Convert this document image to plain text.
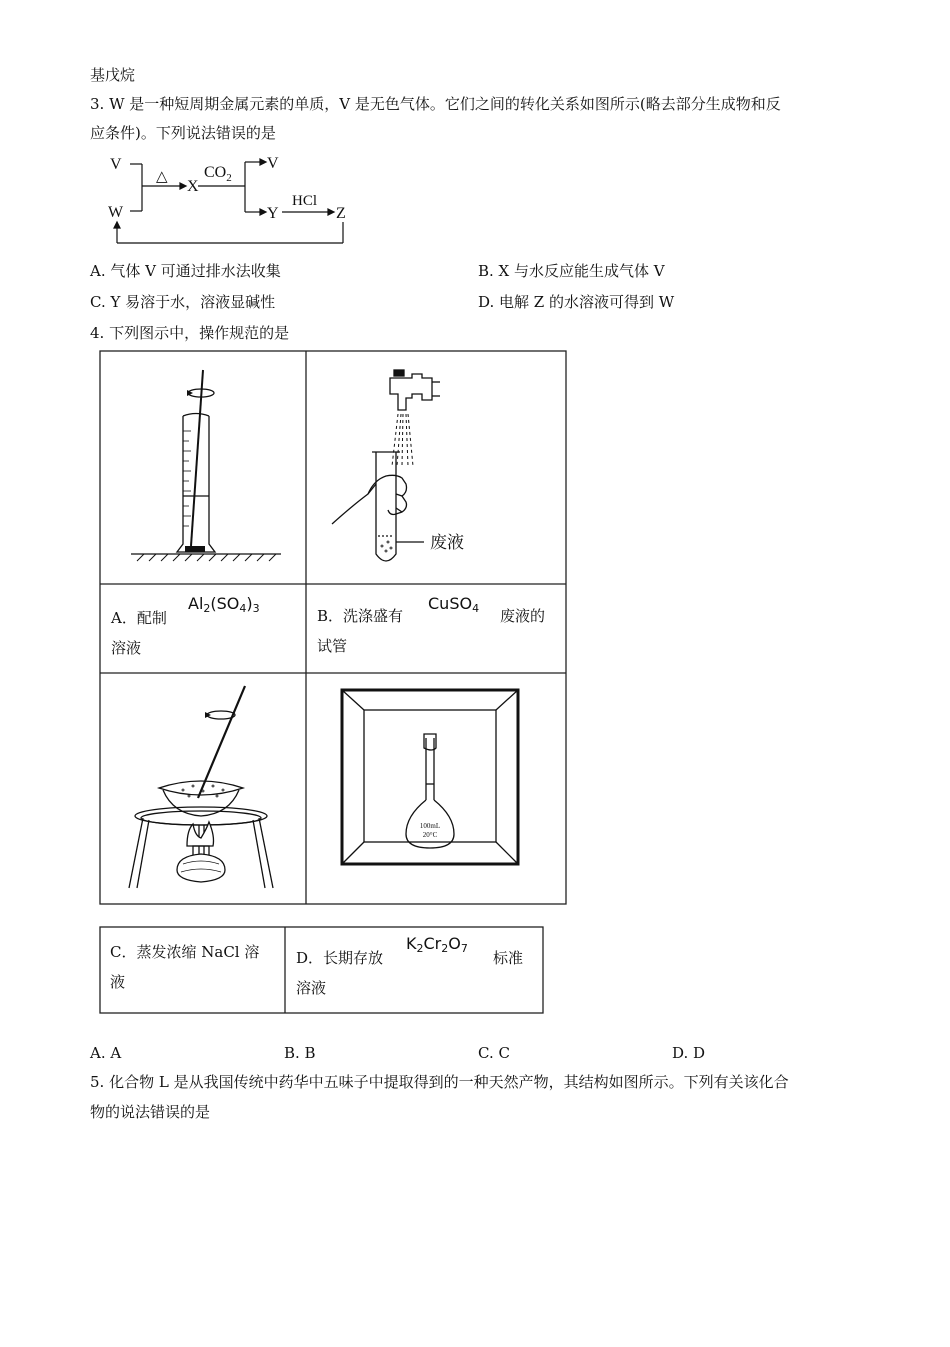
基戊烷
3. W 是一种短周期金属元素的单质，V 是无色气体。它们之间的转化关系如图所示(略去部分生成物和反
应条件)。下列说法错误的是
V
W
△
X
$CO_2$
V
Y
HCl
Z
A. 气体 V 可通过排水法收集	B. X 与水反应能生成气体 V
C. Y 易溶于水，溶液显碱性	D. 电解 Z 的水溶液可得到 W
4. 下列图示中，操作规范的是
废液
A．配制
$Al_2(SO_4)_3$
溶液
B．洗涤盛有
CuSO$_4$ 废液的
试管
100mL
20°C
C．蒸发浓缩 NaCl 溶
液
D．长期存放
$K_2Cr_2O_7$
标准
溶液
A. A	B. B	C. C	D. D
5. 化合物 L 是从我国传统中药华中五味子中提取得到的一种天然产物，其结构如图所示。下列有关该化合
物的说法错误的是
